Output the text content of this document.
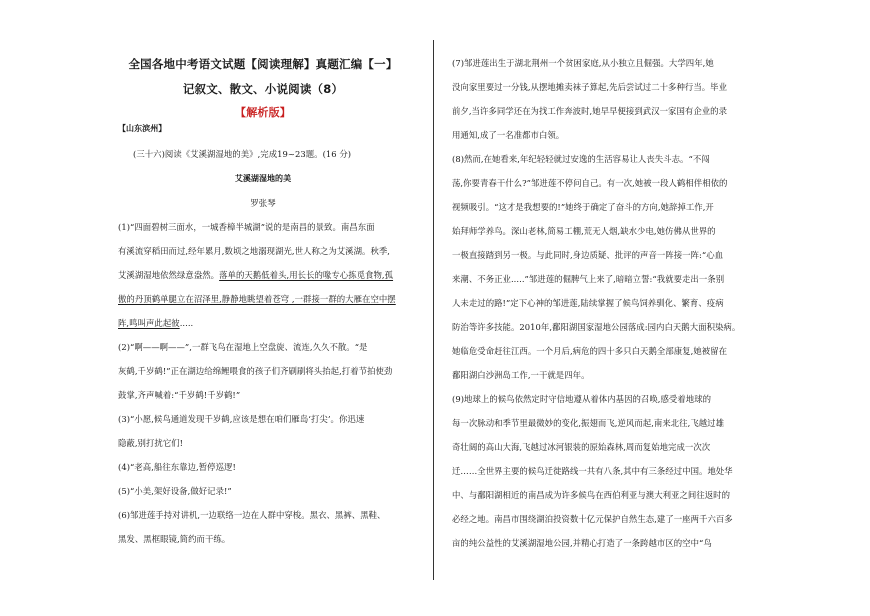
全国各地中考语文试题【阅读理解】真题汇编【一】
记叙文、散文、小说阅读（8）
【解析版】
【山东滨州】
(三十六)阅读《艾溪湖湿地的美》,完成19~23题。(16 分)
艾溪湖湿地的美
罗张琴
(1)“四面碧树三面水，一城香樟半城湖”说的是南昌的景致。南昌东面
有溪流穿稻田而过,经年累月,数顷之地溺现湖光,世人称之为艾溪湖。秋季,
艾溪湖湿地依然绿意盎然。落单的天鹅低着头,用长长的喙专心拣觅食物,孤
傲的丹顶鹤单腿立在沼泽里,静静地眺望着苍穹 ,一群接一群的大雁在空中摆
阵,鸣叫声此起彼.....
(2)“啊——啊——”,一群飞鸟在湿地上空盘旋、流连,久久不散。“是
灰鹤,千岁鹤!”正在湖边给绵鲤喂食的孩子们齐刷刷将头抬起,打着节拍使劲
鼓掌,齐声喊着:“千岁鹤!千岁鹤!”
(3)“小愿,候鸟通道发现千岁鹤,应该是想在咱们雁岛‘打尖’。你迅速
隐蔽,别打扰它们!
(4)“老高,船往东靠边,暂停巡逻!
(5)“小美,架好设备,做好记录!”
(6)邹进莲手持对讲机,一边联络一边在人群中穿梭。黑衣、黑裤、黑鞋、
黑发、黑框眼镜,简约而干练。
(7)邹进莲出生于湖北荆州一个贫困家庭,从小独立且倔强。大学四年,她
没向家里要过一分钱,从摆地摊卖袜子算起,先后尝试过二十多种行当。毕业
前夕,当许多同学还在为找工作奔波时,她早早便接到武汉一家国有企业的录
用通知,成了一名准都市白领。
(8)然而,在她看来,年纪轻轻就过安逸的生活容易让人丧失斗志。“不闯
荡,你要青春干什么?”邹进莲不停问自己。有一次,她被一段人鹤相伴相依的
视频吸引。“这才是我想要的!”她终于确定了奋斗的方向,她辞掉工作,开
始拜师学养鸟。深山老林,简易工棚,荒无人烟,缺水少电,她仿佛从世界的
一极直接踏到另一极。与此同时,身边质疑、批评的声音一阵接一阵:“心血
来潮、不务正业.....”邹进莲的倔脾气上来了,暗暗立誓:“我就要走出一条别
人未走过的路!”定下心神的邹进莲,陆续掌握了候鸟饲养驯化、繁育、疫病
防治等许多技能。2010年,鄱阳湖国家湿地公园落成:园内白天鹅大面积染病。
她临危受命赶往江西。一个月后,病危的四十多只白天鹅全部康复,她被留在
鄱阳湖白沙洲岛工作,一干就是四年。
(9)地球上的候鸟依然定时守信地遵从着体内基因的召唤,感受着地球的
每一次脉动和季节里最微妙的变化,振翅而飞,逆风而起,南来北往,飞越过雄
奇壮阔的高山大海,飞越过冰河银装的原始森林,周而复始地完成一次次
迁……全世界主要的候鸟迁徙路线一共有八条,其中有三条经过中国。地处华
中、与鄱阳湖相近的南昌成为许多候鸟在西伯利亚与澳大利亚之间往返时的
必经之地。南昌市围绕湖泊投资数十亿元保护自然生态,建了一座两千六百多
亩的纯公益性的艾溪湖湿地公园,并精心打造了一条跨越市区的空中“鸟
